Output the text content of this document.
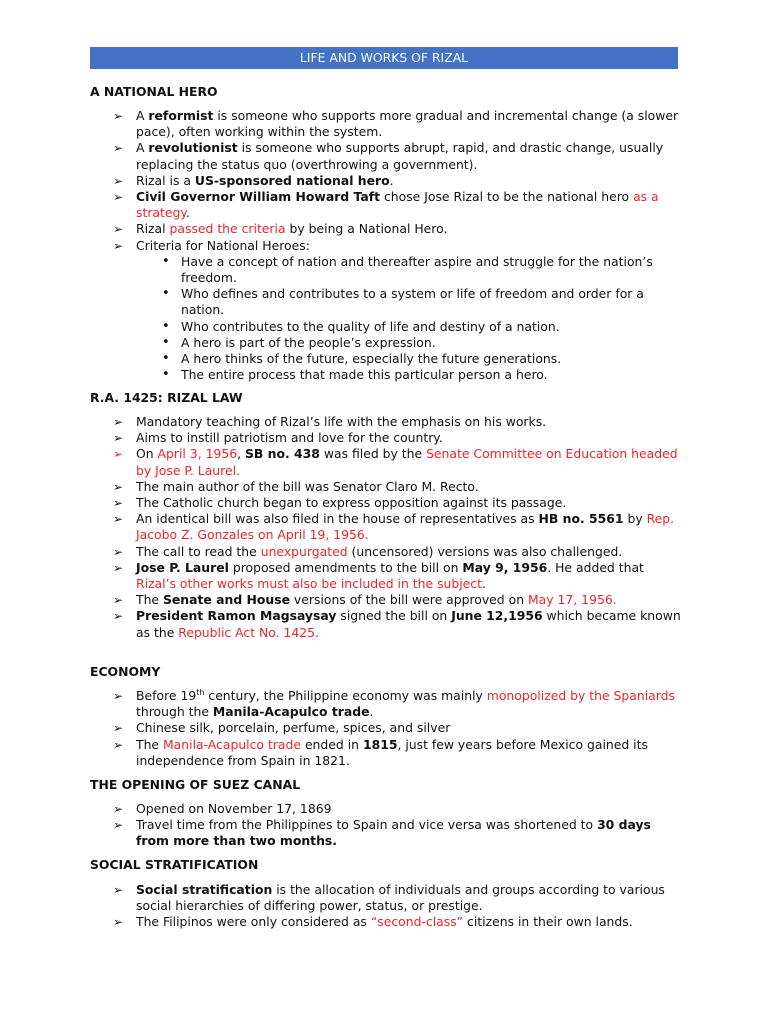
LIFE AND WORKS OF RIZAL
A NATIONAL HERO
➢ A reformist is someone who supports more gradual and incremental change (a slower pace), often working within the system.
➢ A revolutionist is someone who supports abrupt, rapid, and drastic change, usually replacing the status quo (overthrowing a government).
➢ Rizal is a US-sponsored national hero.
➢ Civil Governor William Howard Taft chose Jose Rizal to be the national hero as a strategy.
➢ Rizal passed the criteria by being a National Hero.
➢ Criteria for National Heroes:
• Have a concept of nation and thereafter aspire and struggle for the nation’s freedom.
• Who defines and contributes to a system or life of freedom and order for a nation.
• Who contributes to the quality of life and destiny of a nation.
• A hero is part of the people’s expression.
• A hero thinks of the future, especially the future generations.
• The entire process that made this particular person a hero.
R.A. 1425: RIZAL LAW
➢ Mandatory teaching of Rizal’s life with the emphasis on his works.
➢ Aims to instill patriotism and love for the country.
➢ On April 3, 1956, SB no. 438 was filed by the Senate Committee on Education headed by Jose P. Laurel.
➢ The main author of the bill was Senator Claro M. Recto.
➢ The Catholic church began to express opposition against its passage.
➢ An identical bill was also filed in the house of representatives as HB no. 5561 by Rep. Jacobo Z. Gonzales on April 19, 1956.
➢ The call to read the unexpurgated (uncensored) versions was also challenged.
➢ Jose P. Laurel proposed amendments to the bill on May 9, 1956. He added that Rizal’s other works must also be included in the subject.
➢ The Senate and House versions of the bill were approved on May 17, 1956.
➢ President Ramon Magsaysay signed the bill on June 12,1956 which became known as the Republic Act No. 1425.
ECONOMY
➢ Before 19th century, the Philippine economy was mainly monopolized by the Spaniards through the Manila-Acapulco trade.
➢ Chinese silk, porcelain, perfume, spices, and silver
➢ The Manila-Acapulco trade ended in 1815, just few years before Mexico gained its independence from Spain in 1821.
THE OPENING OF SUEZ CANAL
➢ Opened on November 17, 1869
➢ Travel time from the Philippines to Spain and vice versa was shortened to 30 days from more than two months.
SOCIAL STRATIFICATION
➢ Social stratification is the allocation of individuals and groups according to various social hierarchies of differing power, status, or prestige.
➢ The Filipinos were only considered as “second-class” citizens in their own lands.
